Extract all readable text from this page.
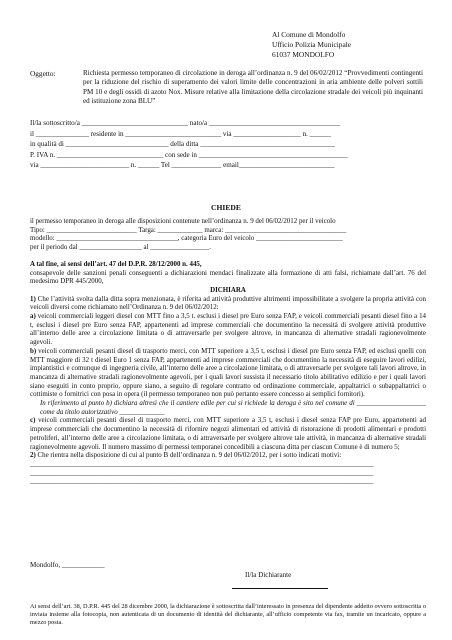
Al Comune di Mondolfo
Ufficio Polizia Municipale
61037 MONDOLFO
Oggetto:	Richiesta permesso temporaneo di circolazione in deroga all’ordinanza n. 9 del 06/02/2012 “Provvedimenti contingenti per la riduzione del rischio di superamento dei valori limite delle concentrazioni in aria ambiente delle polveri sottili PM 10 e degli ossidi di azoto Nox. Misure relative alla limitazione della circolazione stradale dei veicoli più inquinanti ed istituzione zona BLU”
Il/la sottoscritto/a ______________________________ nato/a _____________________________________
il _______________ residente in ___________________________ via ___________________ n. ______
in qualità di _____________________________ della ditta ______________________________________
P. IVA n. ______________________________ con sede in __________________________________________
via _________________________ n. ______ Tel ______________ email___________________________
CHIEDE
il permesso temporaneo in deroga alle disposizioni contenute nell’ordinanza n. 9 del 06/02/2012 per il veicolo
Tipo: __________________________ Targa: _____________ marca: ___________________________________
modello: ___________________________________, categoria Euro del veicolo _________________________
per il periodo dal __________________ al _________________.

A tal fine, ai sensi dell’art. 47 del D.P.R. 28/12/2000 n. 445,

consapevole delle sanzioni penali conseguenti a dichiarazioni mendaci finalizzate alla formazione di atti falsi, richiamate dall’art. 76 del medesimo DPR 445/2000,

DICHIARA

1) Che l’attività svolta dalla ditta sopra menzionata, è riferita ad attività produttive altrimenti impossibilitate a svolgere la propria attività con veicoli diversi come richiamato nell’Ordinanza n. 9 del 06/02/2012:

a) veicoli commerciali leggeri diesel con MTT fino a 3,5 t. esclusi i diesel pre Euro senza FAP, e veicoli commerciali pesanti diesel fino a 14 t, esclusi i diesel pre Euro senza FAP, appartenenti ad imprese commerciali che documentino la necessità di svolgere attività produttive all’interno delle aree a circolazione limitata o di attraversarle per svolgere altrove, in mancanza di alternative stradali ragionevolmente agevoli.

b) veicoli commerciali pesanti diesel di trasporto merci, con MTT superiore a 3,5 t, esclusi i diesel pre Euro senza FAP, ed esclusi quelli con MTT maggiore di 32 t diesel Euro 1 senza FAP, appartenenti ad imprese commerciali che documentino la necessità di eseguire lavori edilizi, impiantistici e comunque di ingegneria civile, all’interno delle aree a circolazione limitata, o di attraversarle per svolgere tali lavori altrove, in mancanza di alternative stradali ragionevolmente agevoli, per i quali lavori sussista il necessario titolo abilitativo edilizio e per i quali lavori siano eseguiti in conto proprio, oppure siano, a seguito di regolare contratto od ordinazione commerciale, appaltatrici o subappaltatrici o cottimiste o fornitrici con posa in opera (il permesso temporaneo non può pertanto essere concesso ai semplici fornitori).

In riferimento al punto b) dichiara altresì che il cantiere edile per cui si richiede la deroga è sito nel comune di ____________________ come da titolo autorizzativo _____________

c) veicoli commerciali pesanti diesel di trasporto merci, con MTT superiore a 3,5 t, esclusi i diesel senza FAP pre Euro, appartenenti ad imprese commerciali che documentino la necessità di rifornire negozi alimentari ed attività di ristorazione di prodotti alimentari e prodotti petroliferi, all’interno delle aree a circolazione limitata, o di attraversarle per svolgere altrove tale attività, in mancanza di alternative stradali ragionevolmente agevoli. Il numero massimo di permessi temporanei concedibili a ciascuna ditta per ciascun Comune è di numero 5;

2) Che rientra nella disposizione di cui al punto B dell’ordinanza n. 9 del 06/02/2012, per i sotto indicati motivi:

___________________________________________________________________________________________________
___________________________________________________________________________________________________
___________________________________________________________________________________________________
Mondolfo, ____________
Il/la Dichiarante
Ai sensi dell’art. 38, D.P.R. 445 del 28 dicembre 2000, la dichiarazione è sottoscritta dall’interessato in presenza del dipendente addetto ovvero sottoscritta o inviata insieme alla fotocopia, non autenticata di un documento di identità del dichiarante, all’ufficio competente via fax, tramite un incaricato, oppure a mezzo posta.
